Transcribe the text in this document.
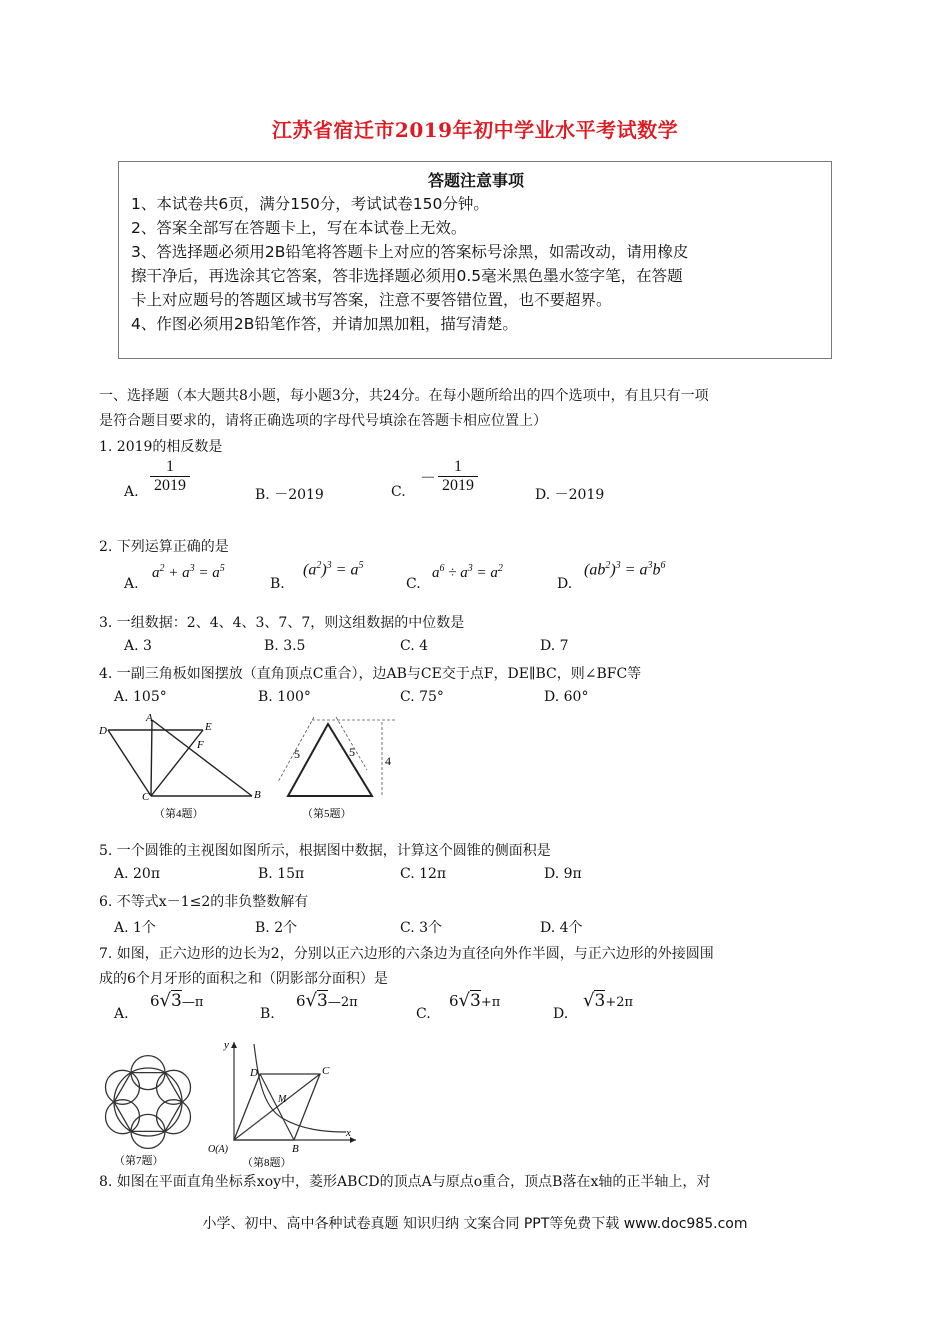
江苏省宿迁市2019年初中学业水平考试数学
答题注意事项
1、本试卷共6页，满分150分，考试试卷150分钟。
2、答案全部写在答题卡上，写在本试卷上无效。
3、答选择题必须用2B铅笔将答题卡上对应的答案标号涂黑，如需改动，请用橡皮
擦干净后，再选涂其它答案，答非选择题必须用0.5毫米黑色墨水签字笔，在答题
卡上对应题号的答题区域书写答案，注意不要答错位置，也不要超界。
4、作图必须用2B铅笔作答，并请加黑加粗，描写清楚。
一、选择题（本大题共8小题，每小题3分，共24分。在每小题所给出的四个选项中，有且只有一项
是符合题目要求的，请将正确选项的字母代号填涂在答题卡相应位置上）
1. 2019的相反数是
A. $\frac{1}{2019}$	B. －2019	C.
－ $\frac{1}{2019}$	D. －2019
2. 下列运算正确的是
A.
$a^2 + a^3 = a^5$
B.
$(a^2)^3 = a^5$
C.
$a^6 \div a^3 = a^2$
D.
$(ab^2)^3 = a^3b^6$
3. 一组数据：2、4、4、3、7、7，则这组数据的中位数是
A. 3	B. 3.5	C. 4	D. 7
4. 一副三角板如图摆放（直角顶点C重合），边AB与CE交于点F，DE∥BC，则∠BFC等
A. 105°	B. 100°	C. 75°	D. 60°
D
A
E
F
C	B
（第4题）
5	5
4
（第5题）
5. 一个圆锥的主视图如图所示，根据图中数据，计算这个圆锥的侧面积是
A. 20π	B. 15π	C. 12π	D. 9π
6. 不等式x－1≤2的非负整数解有
A. 1个	B. 2个	C. 3个	D. 4个
7. 如图，正六边形的边长为2，分别以正六边形的六条边为直径向外作半圆，与正六边形的外接圆围
成的6个月牙形的面积之和（阴影部分面积）是
A.
6√3—π
B.
6√3—2π
C.
6√3+π
D.
√3+2π
（第7题）
y
x
O(A)	B
C
D
M
（第8题）
8. 如图在平面直角坐标系xoy中，菱形ABCD的顶点A与原点o重合，顶点B落在x轴的正半轴上，对
小学、初中、高中各种试卷真题 知识归纳 文案合同 PPT等免费下载 www.doc985.com
